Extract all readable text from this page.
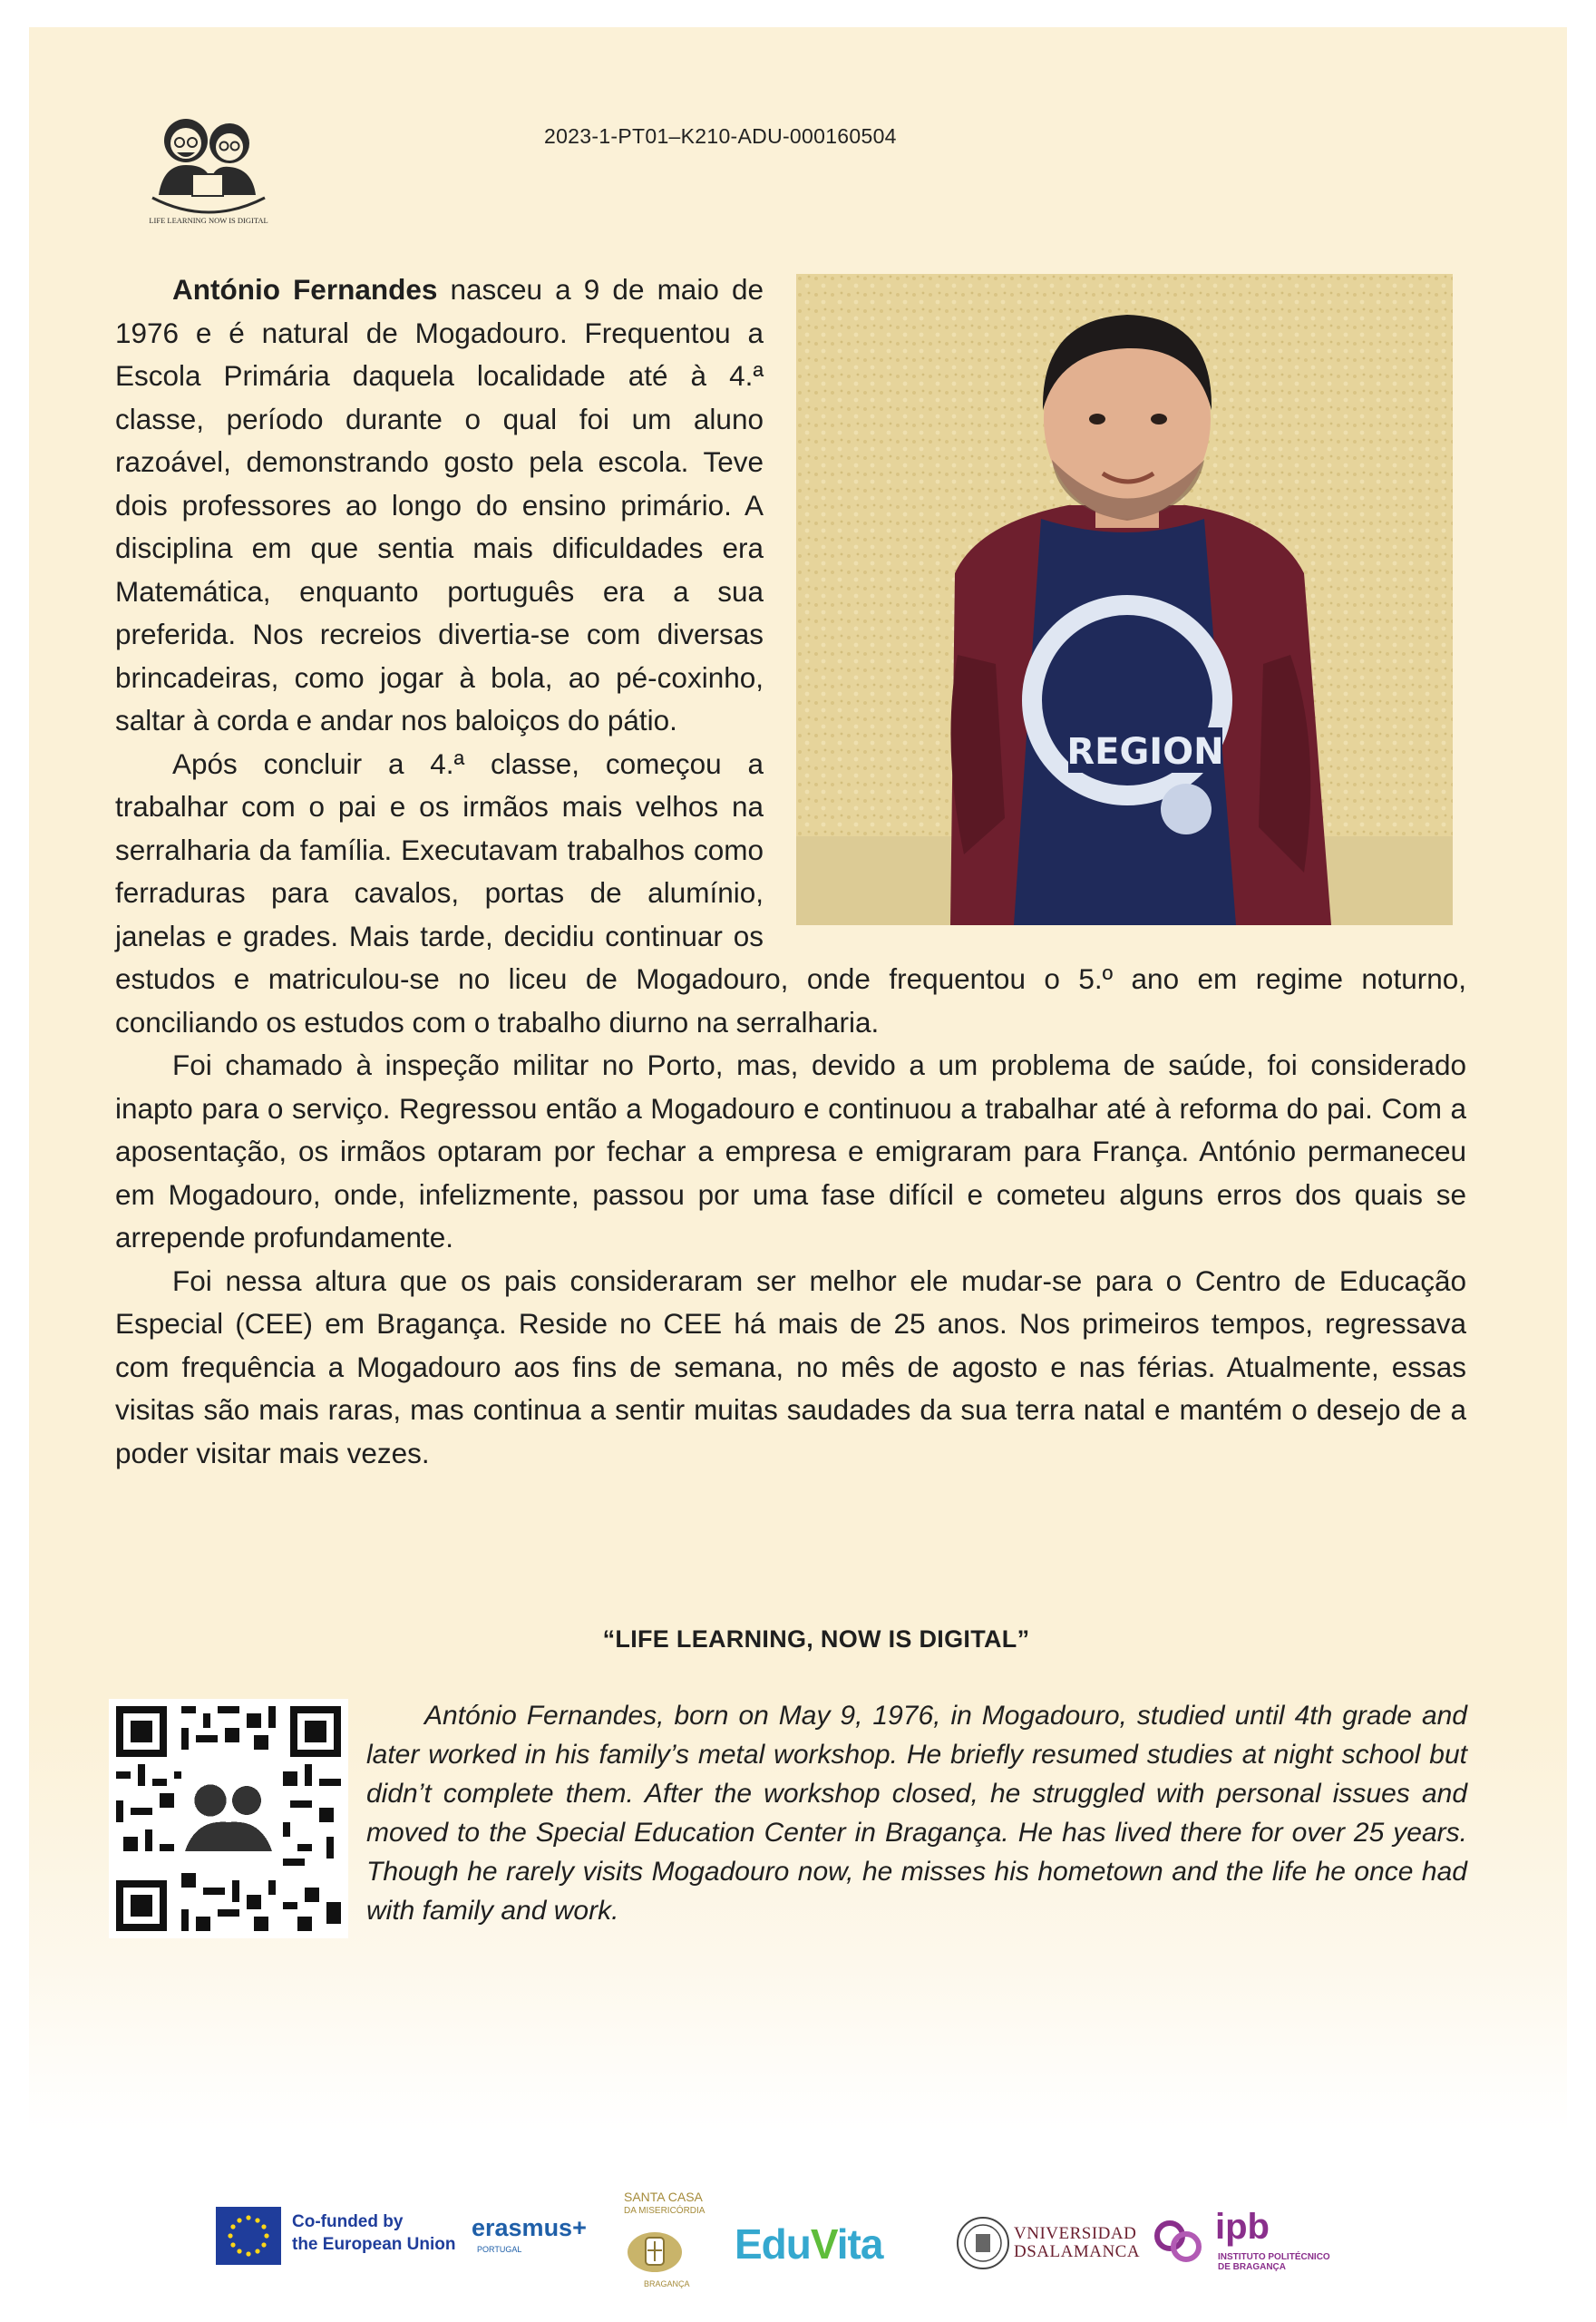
LIFE LEARNING NOW IS DIGITAL
2023-1-PT01–K210-ADU-000160504
REGION

António Fernandes nasceu a 9 de maio de 1976 e é natural de Mogadouro. Frequentou a Escola Primária daquela localidade até à 4.ª classe, período durante o qual foi um aluno razoável, demonstrando gosto pela escola. Teve dois professores ao longo do ensino primário. A disciplina em que sentia mais dificuldades era Matemática, enquanto português era a sua preferida. Nos recreios divertia-se com diversas brincadeiras, como jogar à bola, ao pé-coxinho, saltar à corda e andar nos baloiços do pátio.

Após concluir a 4.ª classe, começou a trabalhar com o pai e os irmãos mais velhos na serralharia da família. Executavam trabalhos como ferraduras para cavalos, portas de alumínio, janelas e grades. Mais tarde, decidiu continuar os estudos e matriculou-se no liceu de Mogadouro, onde frequentou o 5.º ano em regime noturno, conciliando os estudos com o trabalho diurno na serralharia.

Foi chamado à inspeção militar no Porto, mas, devido a um problema de saúde, foi considerado inapto para o serviço. Regressou então a Mogadouro e continuou a trabalhar até à reforma do pai. Com a aposentação, os irmãos optaram por fechar a empresa e emigraram para França. António permaneceu em Mogadouro, onde, infelizmente, passou por uma fase difícil e cometeu alguns erros dos quais se arrepende profundamente.

Foi nessa altura que os pais consideraram ser melhor ele mudar-se para o Centro de Educação Especial (CEE) em Bragança. Reside no CEE há mais de 25 anos. Nos primeiros tempos, regressava com frequência a Mogadouro aos fins de semana, no mês de agosto e nas férias. Atualmente, essas visitas são mais raras, mas continua a sentir muitas saudades da sua terra natal e mantém o desejo de a poder visitar mais vezes.

“LIFE LEARNING, NOW IS DIGITAL”

António Fernandes, born on May 9, 1976, in Mogadouro, studied until 4th grade and later worked in his family’s metal workshop. He briefly resumed studies at night school but didn’t complete them. After the workshop closed, he struggled with personal issues and moved to the Special Education Center in Bragança. He has lived there for over 25 years. Though he rarely visits Mogadouro now, he misses his hometown and the life he once had with family and work.

Co-funded by
the European Union
erasmus+
PORTUGAL
SANTA CASA
DA MISERICÓRDIA
BRAGANÇA
EduVita	VNIVERSIDAD
DSALAMANCA
ipb
INSTITUTO POLITÉCNICO
DE BRAGANÇA
